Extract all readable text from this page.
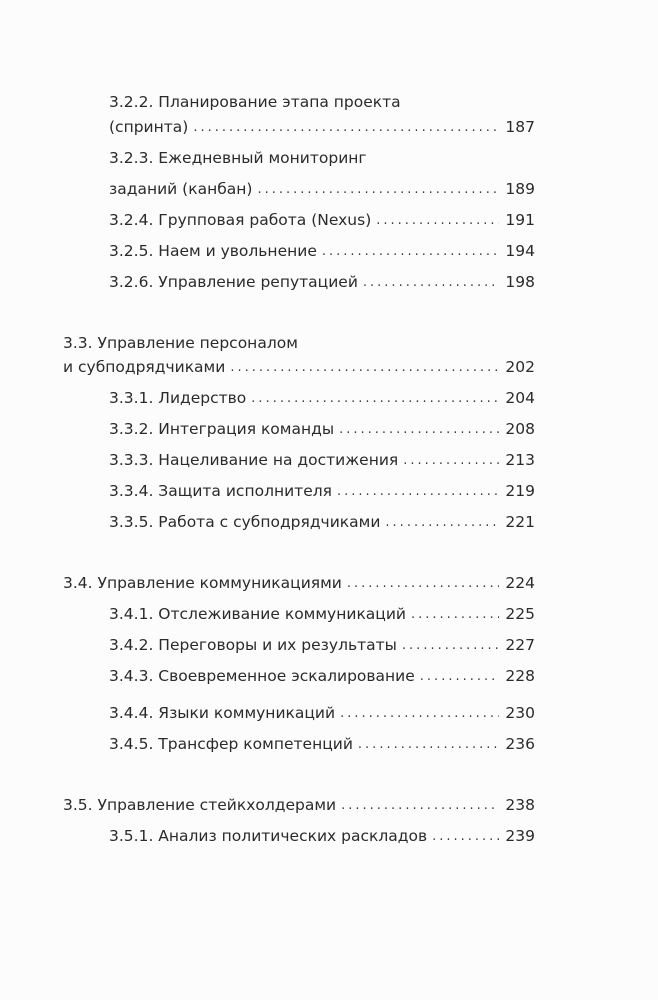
3.2.2. Планирование этапа проекта
(спринта) .....	187
3.2.3. Ежедневный мониторинг
заданий (канбан) .....	189
3.2.4. Групповая работа (Nexus) .....	191
3.2.5. Наем и увольнение .....	194
3.2.6. Управление репутацией .....	198
3.3. Управление персоналом
и субподрядчиками .....	202
3.3.1. Лидерство .....	204
3.3.2. Интеграция команды .....	208
3.3.3. Нацеливание на достижения .....	213
3.3.4. Защита исполнителя .....	219
3.3.5. Работа с субподрядчиками .....	221
3.4. Управление коммуникациями .....	224
3.4.1. Отслеживание коммуникаций .....	225
3.4.2. Переговоры и их результаты .....	227
3.4.3. Своевременное эскалирование .....	228
3.4.4. Языки коммуникаций .....	230
3.4.5. Трансфер компетенций .....	236
3.5. Управление стейкхолдерами .....	238
3.5.1. Анализ политических раскладов .....	239
